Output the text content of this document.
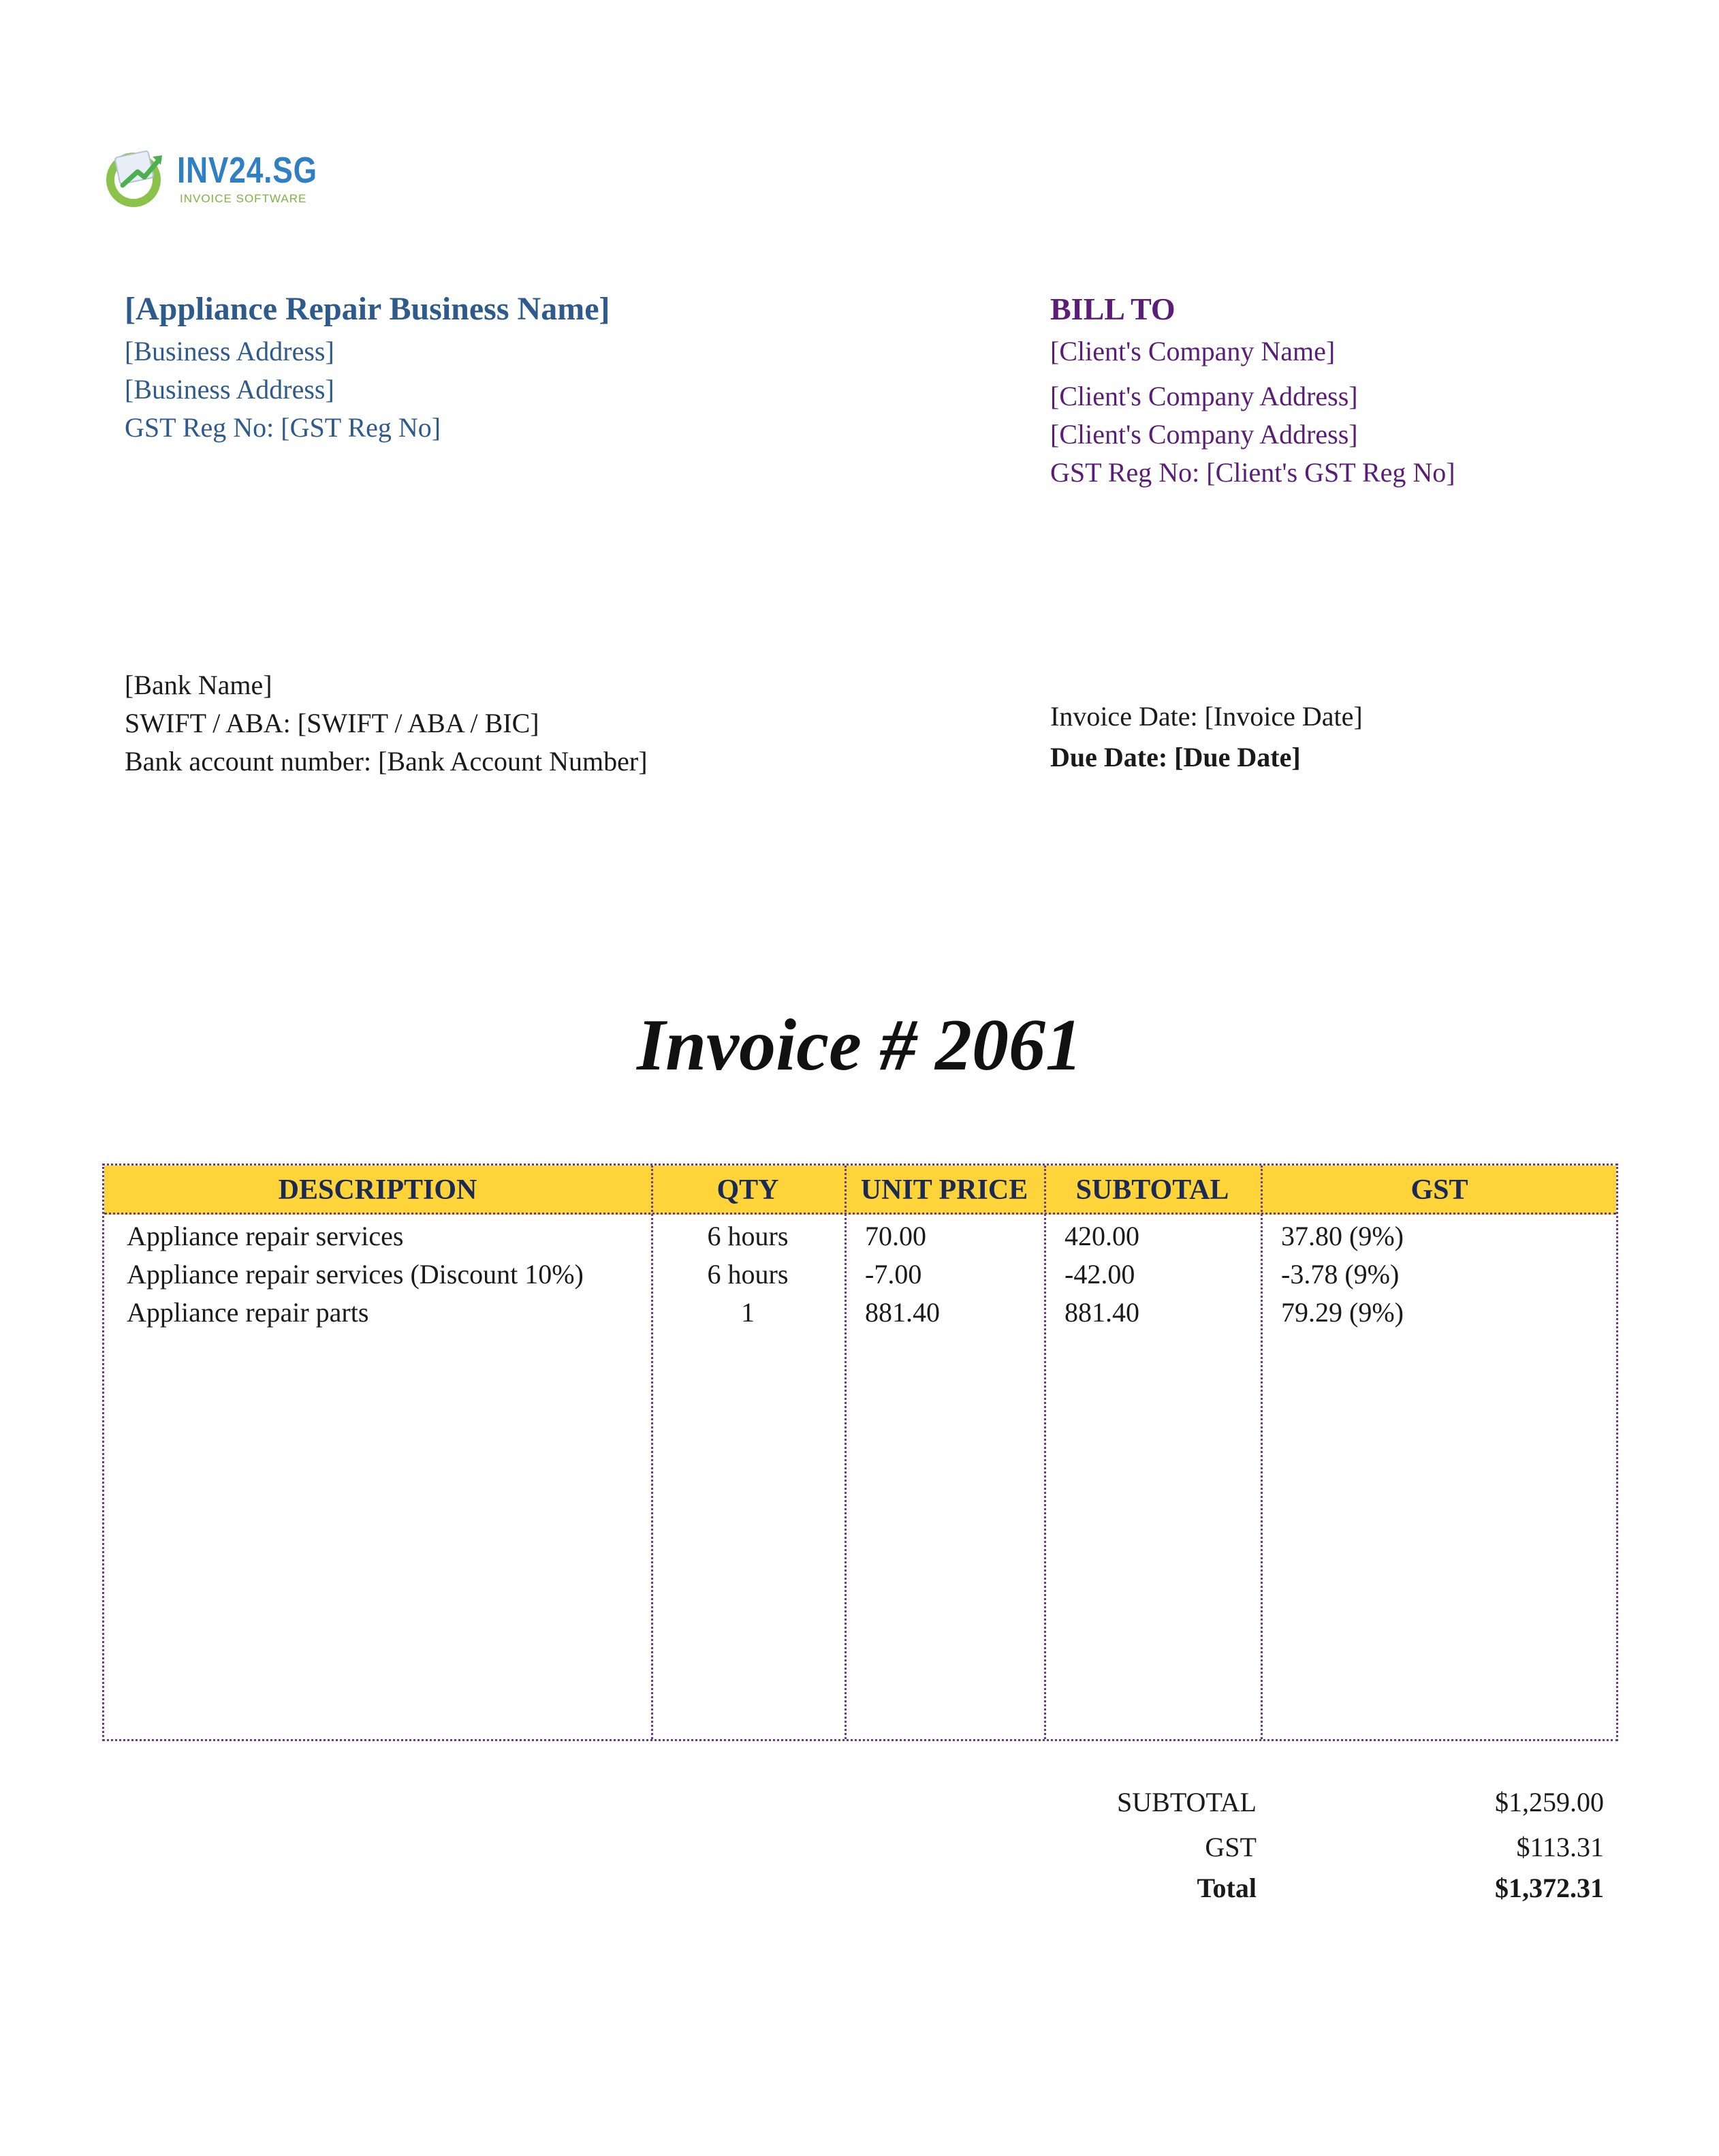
INV24.SG
INVOICE SOFTWARE
[Appliance Repair Business Name]
[Business Address]
[Business Address]
GST Reg No: [GST Reg No]
BILL TO
[Client's Company Name]
[Client's Company Address]
[Client's Company Address]
GST Reg No: [Client's GST Reg No]
[Bank Name]
SWIFT / ABA: [SWIFT / ABA / BIC]
Bank account number: [Bank Account Number]
Invoice Date: [Invoice Date]
Due Date: [Due Date]
Invoice # 2061
DESCRIPTION	QTY	UNIT PRICE	SUBTOTAL	GST
Appliance repair services	6 hours	70.00	420.00	37.80 (9%)
Appliance repair services (Discount 10%)	6 hours	-7.00	-42.00	-3.78 (9%)
Appliance repair parts	1	881.40	881.40	79.29 (9%)
SUBTOTAL	$1,259.00
GST	$113.31
Total	$1,372.31
